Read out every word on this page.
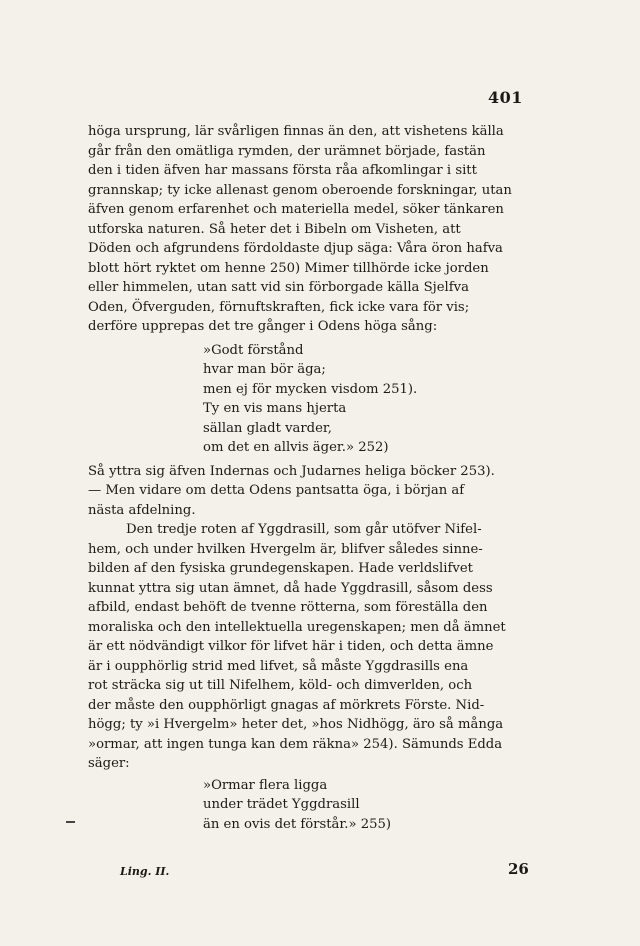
401
höga ursprung, lär svårligen finnas än den, att vishetens källa
går från den omätliga rymden, der urämnet började, fastän
den i tiden äfven har massans första råa afkomlingar i sitt
grannskap; ty icke allenast genom oberoende forskningar, utan
äfven genom erfarenhet och materiella medel, söker tänkaren
utforska naturen. Så heter det i Bibeln om Visheten, att
Döden och afgrundens fördoldaste djup säga: Våra öron hafva
blott hört ryktet om henne 250) Mimer tillhörde icke jorden
eller himmelen, utan satt vid sin förborgade källa Sjelfva
Oden, Öfverguden, förnuftskraften, fick icke vara för vis;
derföre upprepas det tre gånger i Odens höga sång:
»Godt förstånd
hvar man bör äga;
men ej för mycken visdom 251).
Ty en vis mans hjerta
sällan gladt varder,
om det en allvis äger.» 252)
Så yttra sig äfven Indernas och Judarnes heliga böcker 253).
— Men vidare om detta Odens pantsatta öga, i början af
nästa afdelning.
Den tredje roten af Yggdrasill, som går utöfver Nifel-
hem, och under hvilken Hvergelm är, blifver således sinne-
bilden af den fysiska grundegenskapen. Hade verldslifvet
kunnat yttra sig utan ämnet, då hade Yggdrasill, såsom dess
afbild, endast behöft de tvenne rötterna, som föreställa den
moraliska och den intellektuella uregenskapen; men då ämnet
är ett nödvändigt vilkor för lifvet här i tiden, och detta ämne
är i oupphörlig strid med lifvet, så måste Yggdrasills ena
rot sträcka sig ut till Nifelhem, köld- och dimverlden, och
der måste den oupphörligt gnagas af mörkrets Förste. Nid-
högg; ty »i Hvergelm» heter det, »hos Nidhögg, äro så många
»ormar, att ingen tunga kan dem räkna» 254). Sämunds Edda
säger:
»Ormar flera ligga
under trädet Yggdrasill
än en ovis det förstår.» 255)
Ling. II.	26
